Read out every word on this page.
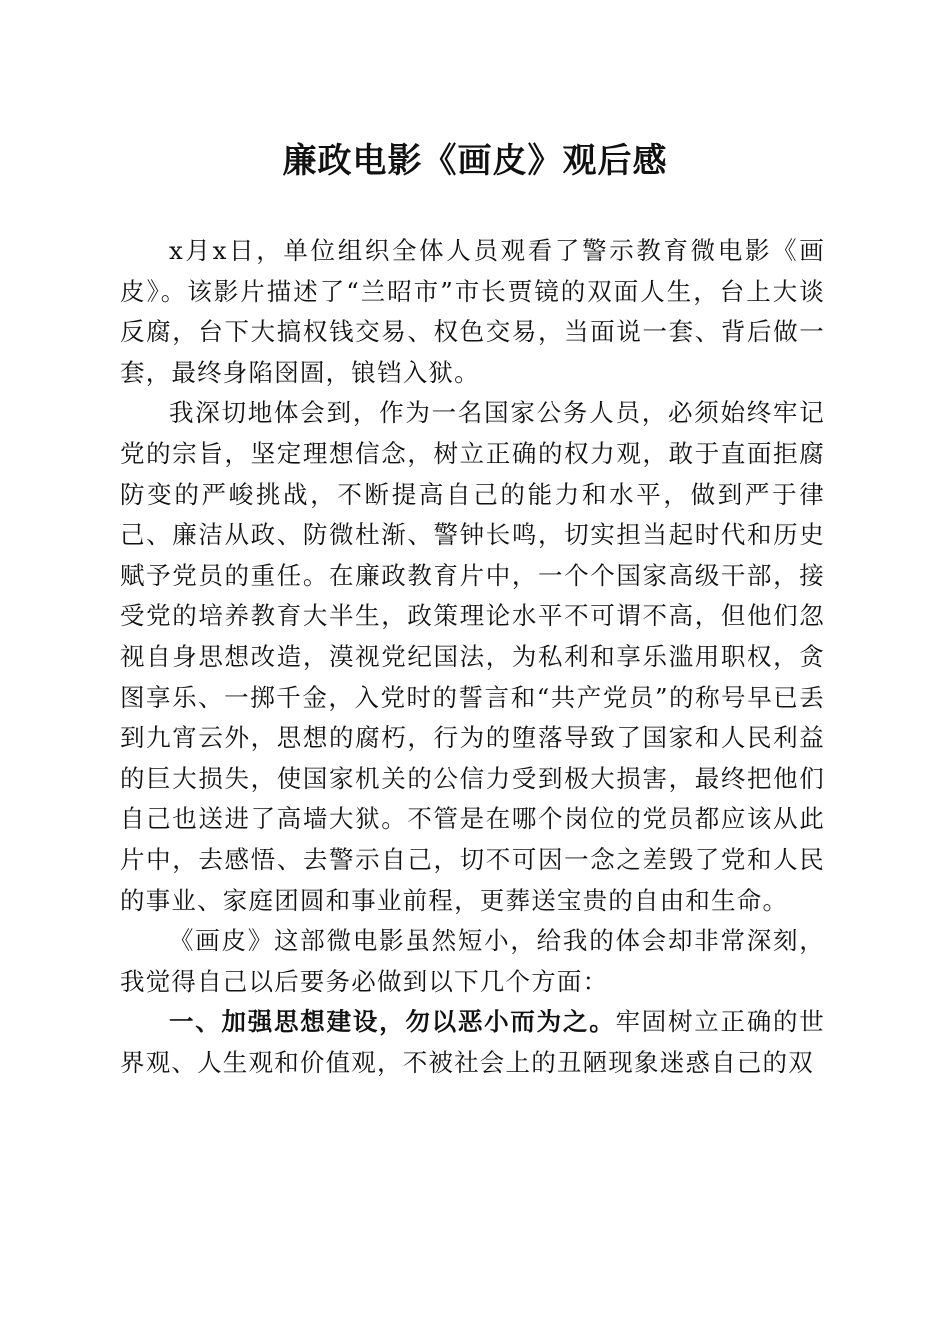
廉政电影《画皮》观后感

x月x日，单位组织全体人员观看了警示教育微电影《画皮》。该影片描述了“兰昭市”市长贾镜的双面人生，台上大谈反腐，台下大搞权钱交易、权色交易，当面说一套、背后做一套，最终身陷囹圄，锒铛入狱。

我深切地体会到，作为一名国家公务人员，必须始终牢记党的宗旨，坚定理想信念，树立正确的权力观，敢于直面拒腐防变的严峻挑战，不断提高自己的能力和水平，做到严于律己、廉洁从政、防微杜渐、警钟长鸣，切实担当起时代和历史赋予党员的重任。在廉政教育片中，一个个国家高级干部，接受党的培养教育大半生，政策理论水平不可谓不高，但他们忽视自身思想改造，漠视党纪国法，为私利和享乐滥用职权，贪图享乐、一掷千金，入党时的誓言和“共产党员”的称号早已丢到九宵云外，思想的腐朽，行为的堕落导致了国家和人民利益的巨大损失，使国家机关的公信力受到极大损害，最终把他们自己也送进了高墙大狱。不管是在哪个岗位的党员都应该从此片中，去感悟、去警示自己，切不可因一念之差毁了党和人民的事业、家庭团圆和事业前程，更葬送宝贵的自由和生命。

《画皮》这部微电影虽然短小，给我的体会却非常深刻，我觉得自己以后要务必做到以下几个方面：

一、加强思想建设，勿以恶小而为之。牢固树立正确的世界观、人生观和价值观，不被社会上的丑陋现象迷惑自己的双
